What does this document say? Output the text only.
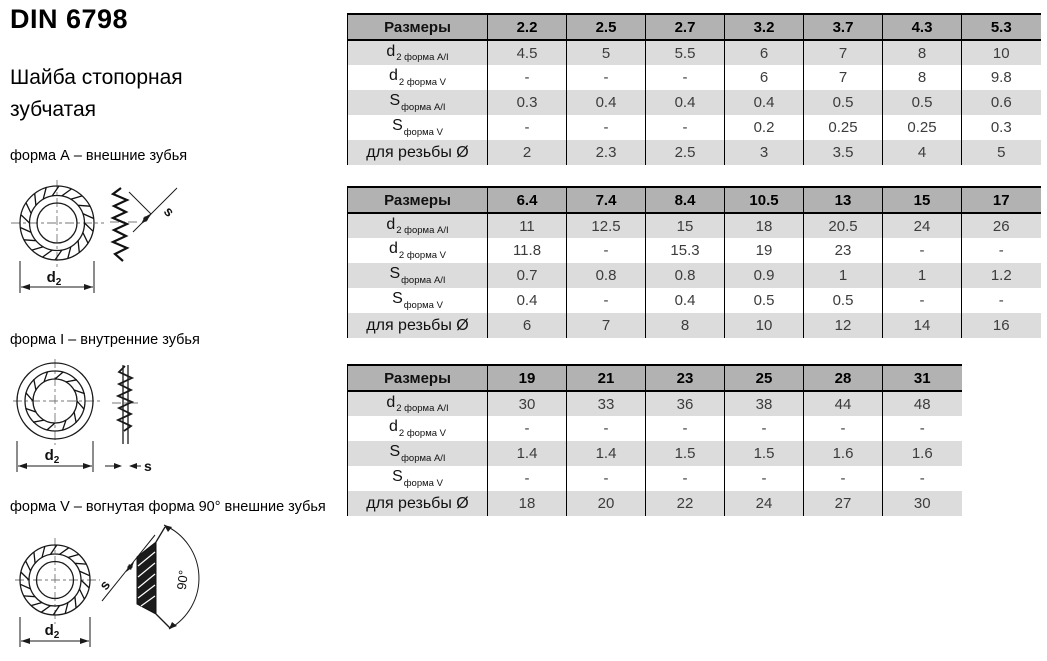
DIN 6798
Шайба стопорная зубчатая
форма А – внешние зубья
форма I – внутренние зубья
форма V – вогнутая форма 90° внешние зубья
$d_2$
s
$d_2$	s
$d_2$
90°
s
Размеры	2.2	2.5	2.7	3.2	3.7	4.3	5.3
$d_{2 форма A/I}$	4.5	5	5.5	6	7	8	10
$d_{2 форма V}$	-	-	-	6	7	8	9.8
$S_{форма A/I}$	0.3	0.4	0.4	0.4	0.5	0.5	0.6
$S_{форма V}$	-	-	-	0.2	0.25	0.25	0.3
для резьбы Ø	2	2.3	2.5	3	3.5	4	5
Размеры	6.4	7.4	8.4	10.5	13	15	17
$d_{2 форма A/I}$	11	12.5	15	18	20.5	24	26
$d_{2 форма V}$	11.8	-	15.3	19	23	-	-
$S_{форма A/I}$	0.7	0.8	0.8	0.9	1	1	1.2
$S_{форма V}$	0.4	-	0.4	0.5	0.5	-	-
для резьбы Ø	6	7	8	10	12	14	16
Размеры	19	21	23	25	28	31
$d_{2 форма A/I}$	30	33	36	38	44	48
$d_{2 форма V}$	-	-	-	-	-	-
$S_{форма A/I}$	1.4	1.4	1.5	1.5	1.6	1.6
$S_{форма V}$	-	-	-	-	-	-
для резьбы Ø	18	20	22	24	27	30
